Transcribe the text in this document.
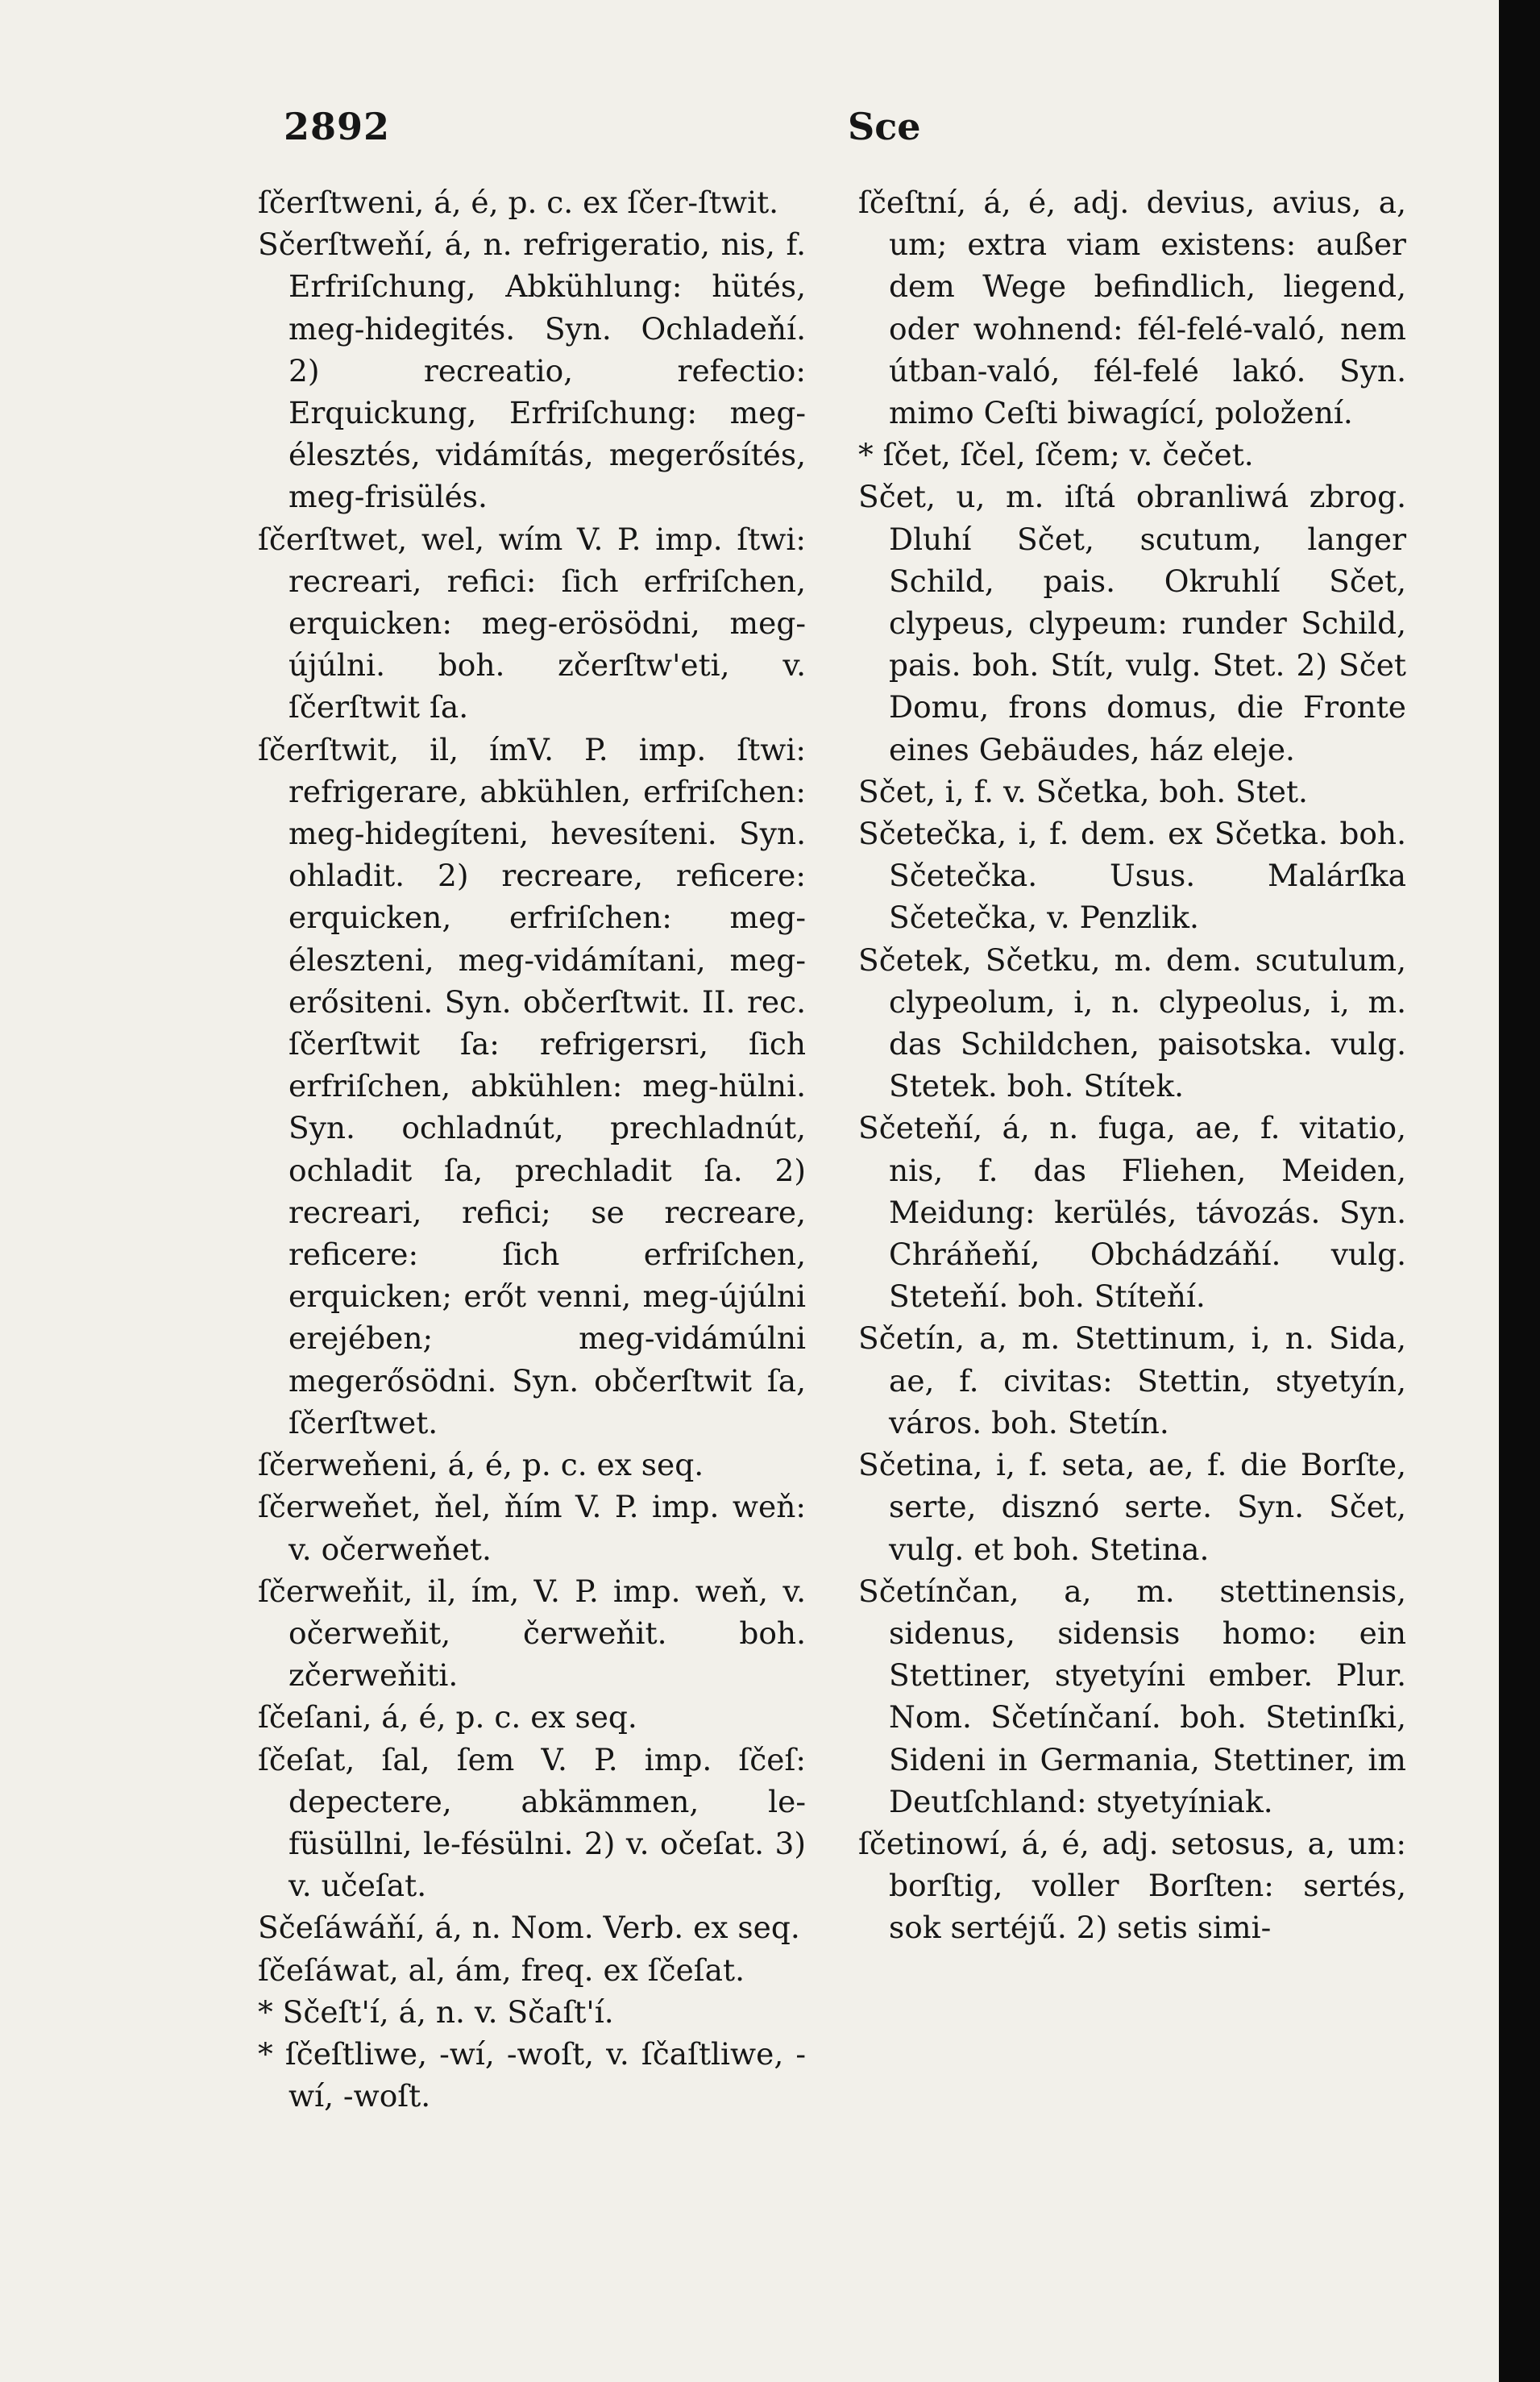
2892	Sce

ſčerſtweni, á, é, p. c. ex ſčer-ſtwit.

Sčerſtweňí, á, n. refrigeratio, nis, f. Erfriſchung, Abkühlung: hütés, meg-hidegités. Syn. Ochladeňí. 2) recreatio, refectio: Erquickung, Erfriſchung: meg-élesztés, vidámítás, megerősítés, meg-frisülés.

ſčerſtwet, wel, wím V. P. imp. ſtwi: recreari, refici: ſich erfriſchen, erquicken: meg-erösödni, meg-újúlni. boh. zčerſtw'eti, v. ſčerſtwit ſa.

ſčerſtwit, il, ímV. P. imp. ſtwi: refrigerare, abkühlen, erfriſchen: meg-hidegíteni, hevesíteni. Syn. ohladit. 2) recreare, reficere: erquicken, erfriſchen: meg-éleszteni, meg-vidámítani, meg-erősiteni. Syn. občerſtwit. II. rec. ſčerſtwit ſa: refrigersri, ſich erfriſchen, abkühlen: meg-hülni. Syn. ochladnút, prechladnút, ochladit ſa, prechladit ſa. 2) recreari, refici; se recreare, reficere: ſich erfriſchen, erquicken; erőt venni, meg-újúlni erejében; meg-vidámúlni megerősödni. Syn. občerſtwit ſa, ſčerſtwet.

ſčerweňeni, á, é, p. c. ex seq.

ſčerweňet, ňel, ňím V. P. imp. weň: v. očerweňet.

ſčerweňit, il, ím, V. P. imp. weň, v. očerweňit, čerweňit. boh. zčerweňiti.

ſčeſani, á, é, p. c. ex seq.

ſčeſat, ſal, ſem V. P. imp. ſčeſ: depectere, abkämmen, le-füsüllni, le-fésülni. 2) v. očeſat. 3) v. učeſat.

Sčeſáwáňí, á, n. Nom. Verb. ex seq.

ſčeſáwat, al, ám, freq. ex ſčeſat.

* Sčeſt'í, á, n. v. Sčaſt'í.

* ſčeſtliwe, -wí, -woſt, v. ſčaſtliwe, -wí, -woſt.

ſčeſtní, á, é, adj. devius, avius, a, um; extra viam existens: außer dem Wege befindlich, liegend, oder wohnend: fél-felé-való, nem útban-való, fél-felé lakó. Syn. mimo Ceſti biwagící, položení.

* ſčet, ſčel, ſčem; v. čečet.

Sčet, u, m. iſtá obranliwá zbrog. Dluhí Sčet, scutum, langer Schild, pais. Okruhlí Sčet, clypeus, clypeum: runder Schild, pais. boh. Stít, vulg. Stet. 2) Sčet Domu, frons domus, die Fronte eines Gebäudes, ház eleje.

Sčet, i, f. v. Sčetka, boh. Stet.

Sčetečka, i, f. dem. ex Sčetka. boh. Sčetečka. Usus. Malárſka Sčetečka, v. Penzlik.

Sčetek, Sčetku, m. dem. scutulum, clypeolum, i, n. clypeolus, i, m. das Schildchen, paisotska. vulg. Stetek. boh. Stítek.

Sčeteňí, á, n. fuga, ae, f. vitatio, nis, f. das Fliehen, Meiden, Meidung: kerülés, távozás. Syn. Chráňeňí, Obchádzáňí. vulg. Steteňí. boh. Stíteňí.

Sčetín, a, m. Stettinum, i, n. Sida, ae, f. civitas: Stettin, styetyín, város. boh. Stetín.

Sčetina, i, f. seta, ae, f. die Borſte, serte, disznó serte. Syn. Sčet, vulg. et boh. Stetina.

Sčetínčan, a, m. stettinensis, sidenus, sidensis homo: ein Stettiner, styetyíni ember. Plur. Nom. Sčetínčaní. boh. Stetinſki, Sideni in Germania, Stettiner, im Deutſchland: styetyíniak.

ſčetinowí, á, é, adj. setosus, a, um: borſtig, voller Borſten: sertés, sok sertéjű. 2) setis simi-
